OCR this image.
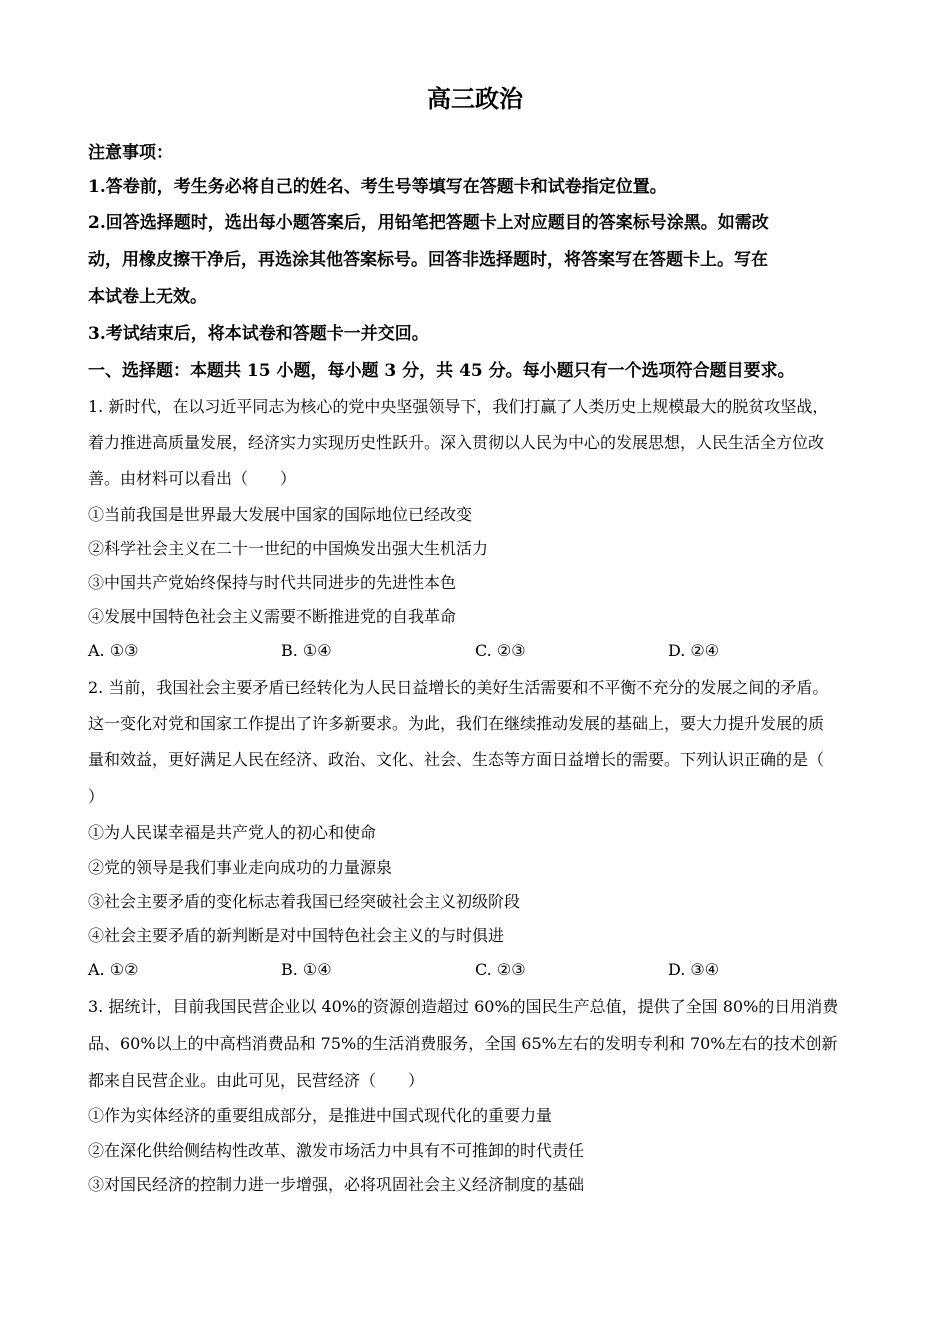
高三政治
注意事项：
1.答卷前，考生务必将自己的姓名、考生号等填写在答题卡和试卷指定位置。
2.回答选择题时，选出每小题答案后，用铅笔把答题卡上对应题目的答案标号涂黑。如需改
动，用橡皮擦干净后，再选涂其他答案标号。回答非选择题时，将答案写在答题卡上。写在
本试卷上无效。
3.考试结束后，将本试卷和答题卡一并交回。
一、选择题：本题共 15 小题，每小题 3 分，共 45 分。每小题只有一个选项符合题目要求。
1. 新时代，在以习近平同志为核心的党中央坚强领导下，我们打赢了人类历史上规模最大的脱贫攻坚战，
着力推进高质量发展，经济实力实现历史性跃升。深入贯彻以人民为中心的发展思想，人民生活全方位改
善。由材料可以看出（　　）
①当前我国是世界最大发展中国家的国际地位已经改变
②科学社会主义在二十一世纪的中国焕发出强大生机活力
③中国共产党始终保持与时代共同进步的先进性本色
④发展中国特色社会主义需要不断推进党的自我革命
A. ①③	B. ①④	C. ②③	D. ②④
2. 当前，我国社会主要矛盾已经转化为人民日益增长的美好生活需要和不平衡不充分的发展之间的矛盾。
这一变化对党和国家工作提出了许多新要求。为此，我们在继续推动发展的基础上，要大力提升发展的质
量和效益，更好满足人民在经济、政治、文化、社会、生态等方面日益增长的需要。下列认识正确的是（
）
①为人民谋幸福是共产党人的初心和使命
②党的领导是我们事业走向成功的力量源泉
③社会主要矛盾的变化标志着我国已经突破社会主义初级阶段
④社会主要矛盾的新判断是对中国特色社会主义的与时俱进
A. ①②	B. ①④	C. ②③	D. ③④
3. 据统计，目前我国民营企业以 40%的资源创造超过 60%的国民生产总值，提供了全国 80%的日用消费
品、60%以上的中高档消费品和 75%的生活消费服务，全国 65%左右的发明专利和 70%左右的技术创新
都来自民营企业。由此可见，民营经济（　　）
①作为实体经济的重要组成部分，是推进中国式现代化的重要力量
②在深化供给侧结构性改革、激发市场活力中具有不可推卸的时代责任
③对国民经济的控制力进一步增强，必将巩固社会主义经济制度的基础
